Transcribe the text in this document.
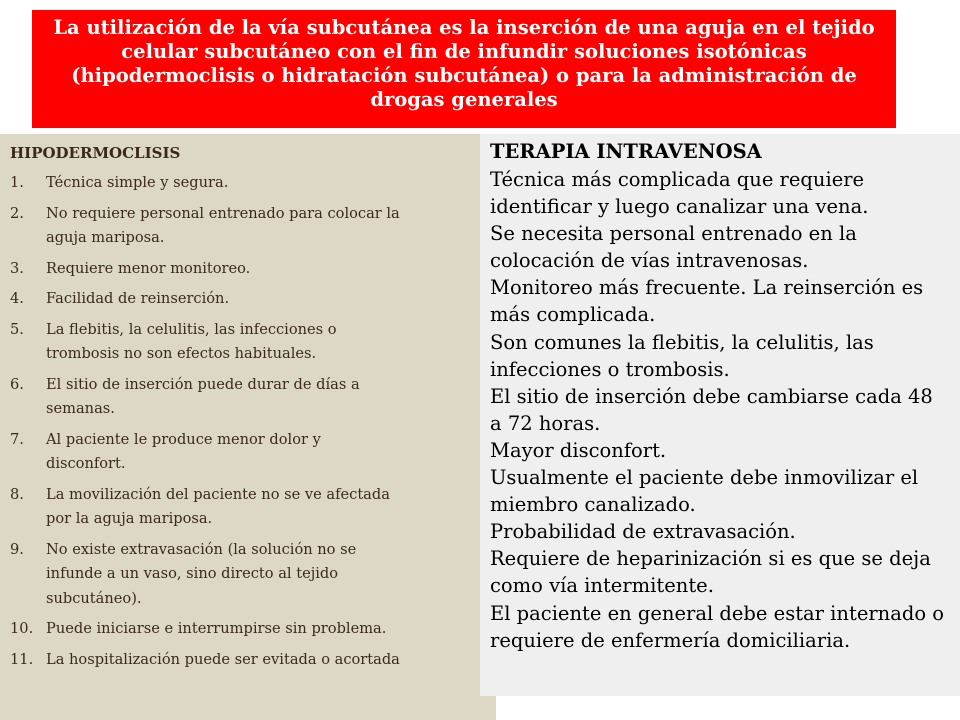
La utilización de la vía subcutánea es la inserción de una aguja en el tejido
celular subcutáneo con el fin de infundir soluciones isotónicas
(hipodermoclisis o hidratación subcutánea) o para la administración de
drogas generales
HIPODERMOCLISIS
1. Técnica simple y segura.
2. No requiere personal entrenado para colocar la
aguja mariposa.
3. Requiere menor monitoreo.
4. Facilidad de reinserción.
5. La flebitis, la celulitis, las infecciones o
trombosis no son efectos habituales.
6. El sitio de inserción puede durar de días a
semanas.
7. Al paciente le produce menor dolor y
disconfort.
8. La movilización del paciente no se ve afectada
por la aguja mariposa.
9. No existe extravasación (la solución no se
infunde a un vaso, sino directo al tejido
subcutáneo).
10. Puede iniciarse e interrumpirse sin problema.
11. La hospitalización puede ser evitada o acortada
TERAPIA INTRAVENOSA
Técnica más complicada que requiere
identificar y luego canalizar una vena.
Se necesita personal entrenado en la
colocación de vías intravenosas.
Monitoreo más frecuente. La reinserción es
más complicada.
Son comunes la flebitis, la celulitis, las
infecciones o trombosis.
El sitio de inserción debe cambiarse cada 48
a 72 horas.
Mayor disconfort.
Usualmente el paciente debe inmovilizar el
miembro canalizado.
Probabilidad de extravasación.
Requiere de heparinización si es que se deja
como vía intermitente.
El paciente en general debe estar internado o
requiere de enfermería domiciliaria.
